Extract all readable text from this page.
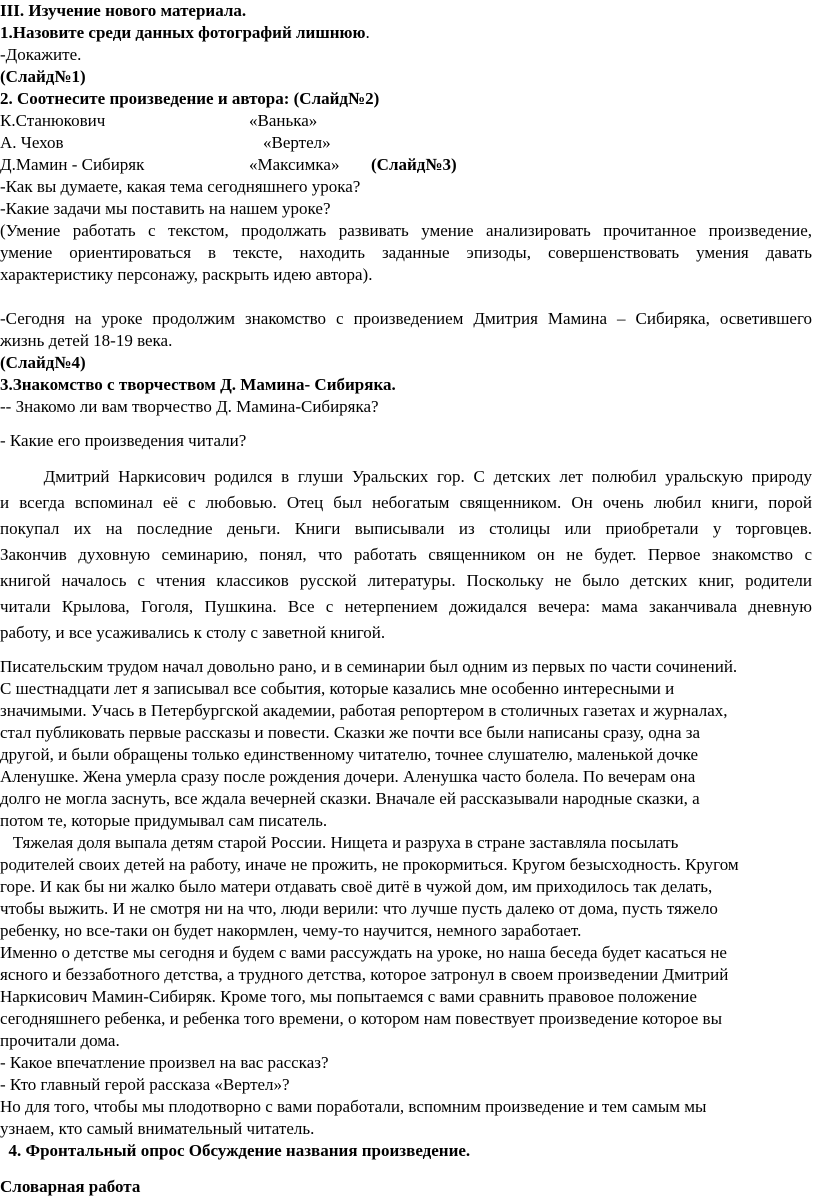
III. Изучение нового материала.
1.Назовите среди данных фотографий лишнюю.
-Докажите.
(Слайд№1)
2. Соотнесите произведение и автора: (Слайд№2)
К.Станюкович	«Ванька»
А. Чехов	«Вертел»
Д.Мамин - Сибиряк	«Максимка» (Слайд№3)
-Как вы думаете, какая тема сегодняшнего урока?
-Какие задачи мы поставить на нашем уроке?
(Умение работать с текстом, продолжать развивать умение анализировать прочитанное произведение,
умение ориентироваться в тексте, находить заданные эпизоды, совершенствовать умения давать
характеристику персонажу, раскрыть идею автора).
-Сегодня на уроке продолжим знакомство с произведением Дмитрия Мамина – Сибиряка, осветившего
жизнь детей 18-19 века.
(Слайд№4)
3.Знакомство с творчеством Д. Мамина- Сибиряка.
-- Знакомо ли вам творчество Д. Мамина-Сибиряка?
- Какие его произведения читали?
Дмитрий Наркисович родился в глуши Уральских гор. С детских лет полюбил уральскую природу
и всегда вспоминал её с любовью. Отец был небогатым священником. Он очень любил книги, порой
покупал их на последние деньги. Книги выписывали из столицы или приобретали у торговцев.
Закончив духовную семинарию, понял, что работать священником он не будет. Первое знакомство с
книгой началось с чтения классиков русской литературы. Поскольку не было детских книг, родители
читали Крылова, Гоголя, Пушкина. Все с нетерпением дожидался вечера: мама заканчивала дневную
работу, и все усаживались к столу с заветной книгой.
Писательским трудом начал довольно рано, и в семинарии был одним из первых по части сочинений.
С шестнадцати лет я записывал все события, которые казались мне особенно интересными и
значимыми. Учась в Петербургской академии, работая репортером в столичных газетах и журналах,
стал публиковать первые рассказы и повести. Сказки же почти все были написаны сразу, одна за
другой, и были обращены только единственному читателю, точнее слушателю, маленькой дочке
Аленушке. Жена умерла сразу после рождения дочери. Аленушка часто болела. По вечерам она
долго не могла заснуть, все ждала вечерней сказки. Вначале ей рассказывали народные сказки, а
потом те, которые придумывал сам писатель.
Тяжелая доля выпала детям старой России. Нищета и разруха в стране заставляла посылать
родителей своих детей на работу, иначе не прожить, не прокормиться. Кругом безысходность. Кругом
горе. И как бы ни жалко было матери отдавать своё дитё в чужой дом, им приходилось так делать,
чтобы выжить. И не смотря ни на что, люди верили: что лучше пусть далеко от дома, пусть тяжело
ребенку, но все-таки он будет накормлен, чему-то научится, немного заработает.
Именно о детстве мы сегодня и будем с вами рассуждать на уроке, но наша беседа будет касаться не
ясного и беззаботного детства, а трудного детства, которое затронул в своем произведении Дмитрий
Наркисович Мамин-Сибиряк. Кроме того, мы попытаемся с вами сравнить правовое положение
сегодняшнего ребенка, и ребенка того времени, о котором нам повествует произведение которое вы
прочитали дома.
- Какое впечатление произвел на вас рассказ?
- Кто главный герой рассказа «Вертел»?
Но для того, чтобы мы плодотворно с вами поработали, вспомним произведение и тем самым мы
узнаем, кто самый внимательный читатель.
4. Фронтальный опрос Обсуждение названия произведение.
Словарная работа
